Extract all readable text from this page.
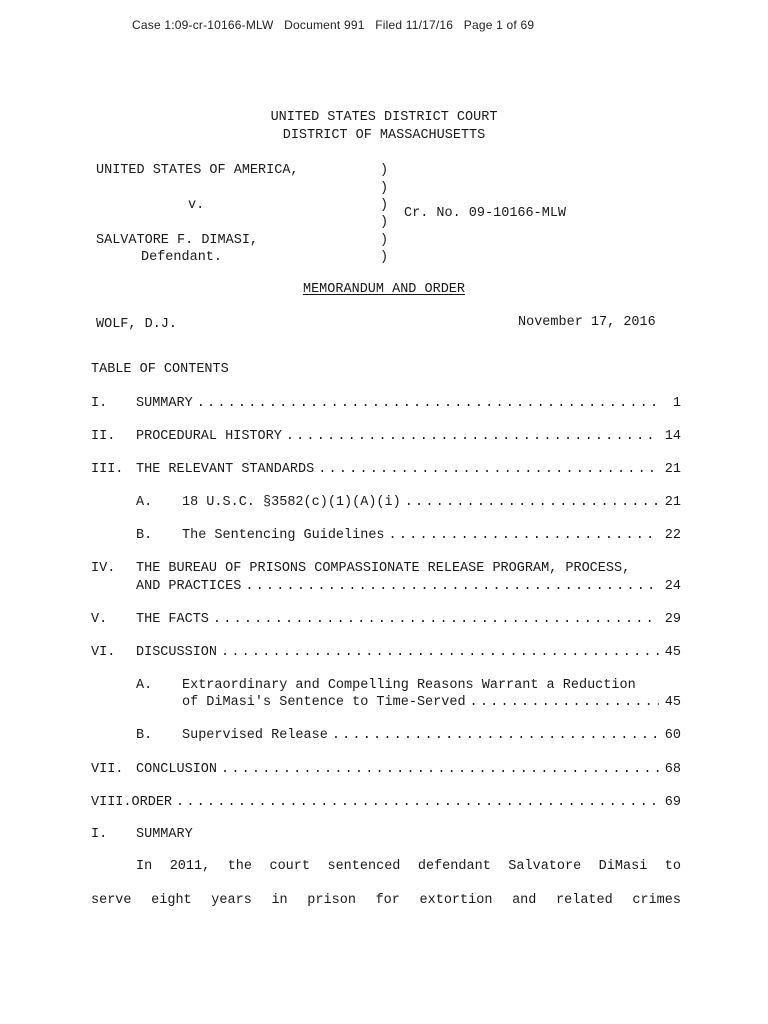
Case 1:09-cr-10166-MLW   Document 991   Filed 11/17/16   Page 1 of 69
UNITED STATES DISTRICT COURT
DISTRICT OF MASSACHUSETTS
UNITED STATES OF AMERICA,
v.
SALVATORE F. DIMASI,
Defendant.
)
)
)
)
)
)
Cr. No. 09-10166-MLW
MEMORANDUM AND ORDER
WOLF, D.J.	November 17, 2016
TABLE OF CONTENTS
I.	SUMMARY .....	1
II.	PROCEDURAL HISTORY .....	14
III. THE RELEVANT STANDARDS .....	21
A.	18 U.S.C. §3582(c)(1)(A)(i) .....	21
B.	The Sentencing Guidelines .....	22
IV. THE BUREAU OF PRISONS COMPASSIONATE RELEASE PROGRAM, PROCESS,
AND PRACTICES .....	24
V.	THE FACTS .....	29
VI.	DISCUSSION .....	45
A. Extraordinary and Compelling Reasons Warrant a Reduction
of DiMasi's Sentence to Time-Served .....	45
B.	Supervised Release .....	60
VII. CONCLUSION .....	68
VIII. ORDER .....	69
I. SUMMARY
In 2011, the court sentenced defendant Salvatore DiMasi to
serve eight years in prison for extortion and related crimes
